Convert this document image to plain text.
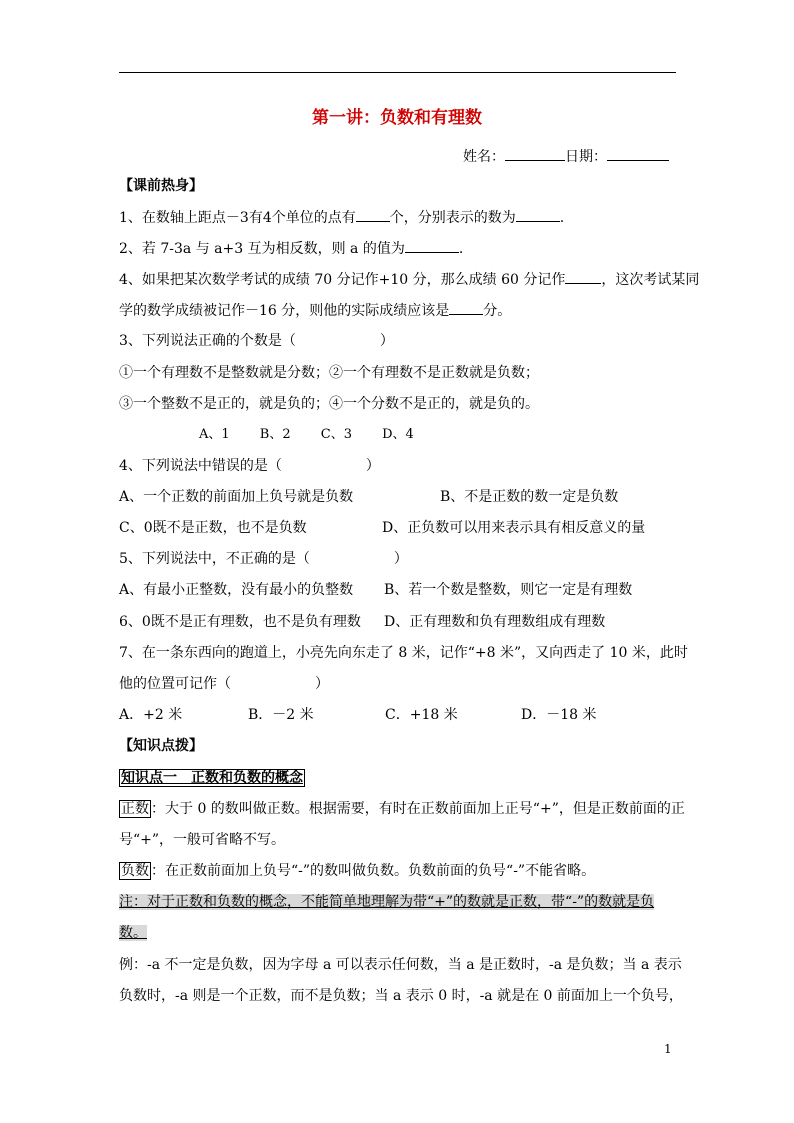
第一讲：负数和有理数
姓名：	日期：
【课前热身】
1、在数轴上距点－3有4个单位的点有 个，分别表示的数为	.
2、若 7-3a 与 a+3 互为相反数，则 a 的值为	.
4、如果把某次数学考试的成绩 70 分记作+10 分，那么成绩 60 分记作	，这次考试某同
学的数学成绩被记作－16 分，则他的实际成绩应该是 分。
3、下列说法正确的个数是（　　　　　　）
①一个有理数不是整数就是分数；②一个有理数不是正数就是负数；
③一个整数不是正的，就是负的；④一个分数不是正的，就是负的。
A、1　　 B、2　　 C、3　　 D、4
4、下列说法中错误的是（　　　　　　）
A、一个正数的前面加上负号就是负数	B、不是正数的数一定是负数
C、0既不是正数，也不是负数	D、正负数可以用来表示具有相反意义的量
5、下列说法中，不正确的是（　　　　　　）
A、有最小正整数，没有最小的负整数 B、若一个数是整数，则它一定是有理数
6、0既不是正有理数，也不是负有理数 D、正有理数和负有理数组成有理数
7、在一条东西向的跑道上，小亮先向东走了 8 米，记作“+8 米”，又向西走了 10 米，此时
他的位置可记作（　　　　　　）
A．+2 米	B．－2 米	C．+18 米	D．－18 米
【知识点拨】
知识点一　正数和负数的概念
正数 ：大于 0 的数叫做正数。根据需要，有时在正数前面加上正号“+”，但是正数前面的正
号“+”，一般可省略不写。
负数 ：在正数前面加上负号“-”的数叫做负数。负数前面的负号“-”不能省略。
注：对于正数和负数的概念，不能简单地理解为带“+”的数就是正数，带“-”的数就是负
数。
例：-a 不一定是负数，因为字母 a 可以表示任何数，当 a 是正数时，-a 是负数；当 a 表示
负数时，-a 则是一个正数，而不是负数；当 a 表示 0 时，-a 就是在 0 前面加上一个负号，
1
